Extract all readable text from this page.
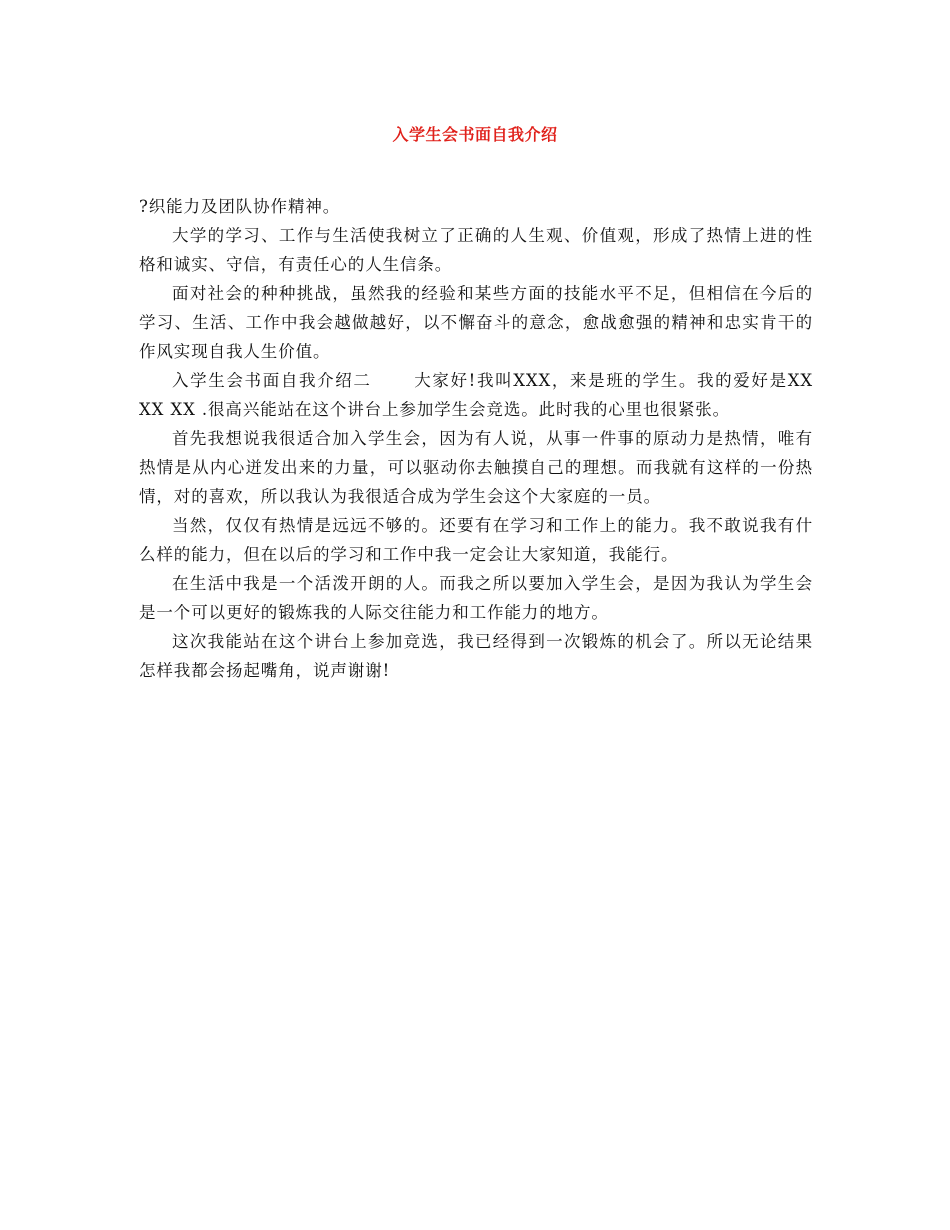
入学生会书面自我介绍

?织能力及团队协作精神。

大学的学习、工作与生活使我树立了正确的人生观、价值观，形成了热情上进的性格和诚实、守信，有责任心的人生信条。

面对社会的种种挑战，虽然我的经验和某些方面的技能水平不足，但相信在今后的学习、生活、工作中我会越做越好，以不懈奋斗的意念，愈战愈强的精神和忠实肯干的作风实现自我人生价值。

入学生会书面自我介绍二	大家好!我叫XXX，来是班的学生。我的爱好是XX XX XX .很高兴能站在这个讲台上参加学生会竞选。此时我的心里也很紧张。

首先我想说我很适合加入学生会，因为有人说，从事一件事的原动力是热情，唯有热情是从内心迸发出来的力量，可以驱动你去触摸自己的理想。而我就有这样的一份热情，对的喜欢，所以我认为我很适合成为学生会这个大家庭的一员。

当然，仅仅有热情是远远不够的。还要有在学习和工作上的能力。我不敢说我有什么样的能力，但在以后的学习和工作中我一定会让大家知道，我能行。

在生活中我是一个活泼开朗的人。而我之所以要加入学生会，是因为我认为学生会是一个可以更好的锻炼我的人际交往能力和工作能力的地方。

这次我能站在这个讲台上参加竞选，我已经得到一次锻炼的机会了。所以无论结果怎样我都会扬起嘴角，说声谢谢!
